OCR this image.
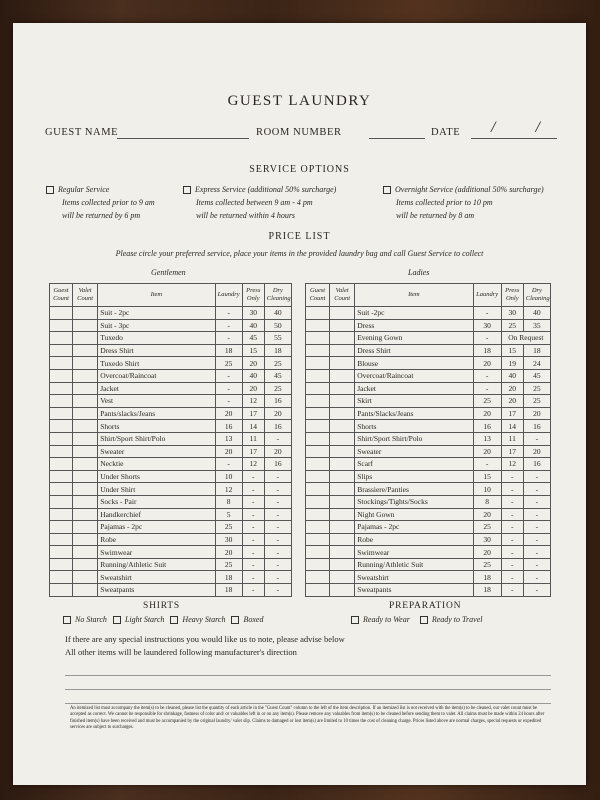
GUEST LAUNDRY
GUEST NAME	ROOM NUMBER	DATE / /
SERVICE OPTIONS
Regular Service
Items collected prior to 9 am
will be returned by 6 pm
Express Service (additional 50% surcharge)
Items collected between 9 am - 4 pm
will be returned within 4 hours
Overnight Service (additional 50% surcharge)
Items collected prior to 10 pm
will be returned by 8 am
PRICE LIST
Please circle your preferred service, place your items in the provided laundry bag and call Guest Service to collect
Gentlemen	Ladies
Guest Count	Valet Count	Item	Laundry	Press Only	Dry Cleaning
		Suit - 2pc	-	30	40
		Suit - 3pc	-	40	50
		Tuxedo	-	45	55
		Dress Shirt	18	15	18
		Tuxedo Shirt	25	20	25
		Overcoat/Raincoat	-	40	45
		Jacket	-	20	25
		Vest	-	12	16
		Pants/slacks/Jeans	20	17	20
		Shorts	16	14	16
		Shirt/Sport Shirt/Polo	13	11	-
		Sweater	20	17	20
		Necktie	-	12	16
		Under Shorts	10	-	-
		Under Shirt	12	-	-
		Socks - Pair	8	-	-
		Handkerchief	5	-	-
		Pajamas - 2pc	25	-	-
		Robe	30	-	-
		Swimwear	20	-	-
		Running/Athletic Suit	25	-	-
		Sweatshirt	18	-	-
		Sweatpants	18	-	-
Guest Count	Valet Count	Item	Laundry	Press Only	Dry Cleaning
		Suit -2pc	-	30	40
		Dress	30	25	35
		Evening Gown	-	On Request	
		Dress Shirt	18	15	18
		Blouse	20	19	24
		Overcoat/Raincoat	-	40	45
		Jacket	-	20	25
		Skirt	25	20	25
		Pants/Slacks/Jeans	20	17	20
		Shorts	16	14	16
		Shirt/Sport Shirt/Polo	13	11	-
		Sweater	20	17	20
		Scarf	-	12	16
		Slips	15	-	-
		Brassiere/Panties	10	-	-
		Stockings/Tights/Socks	8	-	-
		Night Gown	20	-	-
		Pajamas - 2pc	25	-	-
		Robe	30	-	-
		Swimwear	20	-	-
		Running/Athletic Suit	25	-	-
		Sweatshirt	18	-	-
		Sweatpants	18	-	-
SHIRTS
No Starch Light Starch Heavy Starch Boxed
PREPARATION
Ready to Wear	Ready to Travel
If there are any special instructions you would like us to note, please advise below
All other items will be laundered following manufacturer's direction
An itemized list must accompany the item(s) to be cleaned, please list the quantity of each article in the "Guest Count" column to the left of the item description. If an itemized list is not received with the item(s) to be cleaned, our valet count must be accepted as correct. We cannot be responsible for shrinkage, fastness of color and/ or valuables left in or on any item(s). Please remove any valuables from item(s) to be cleaned before sending them to valet. All claims must be made within 24 hours after finished item(s) have been received and must be accompanied by the original laundry/ valet slip. Claims to damaged or lost item(s) are limited to 10 times the cost of cleaning charge. Prices listed above are normal charges, special requests or expedited services are subject to surcharges.
